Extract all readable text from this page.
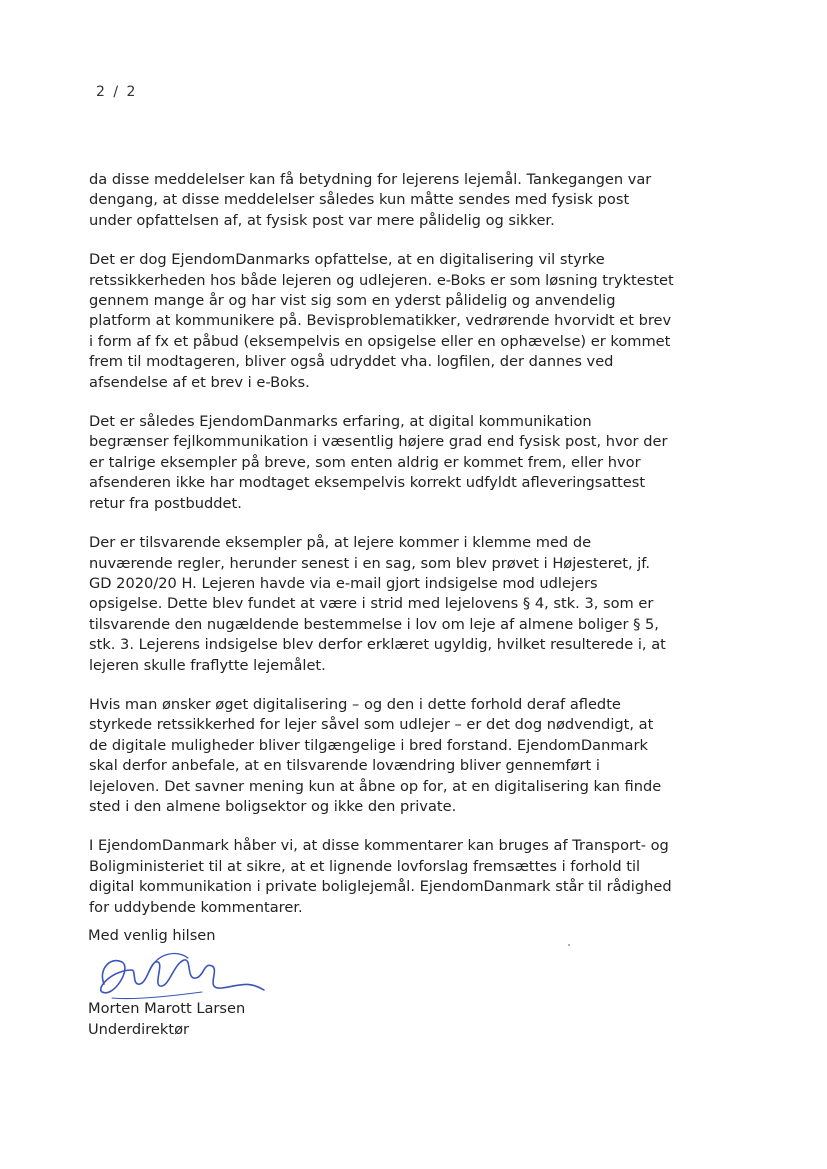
2 / 2

da disse meddelelser kan få betydning for lejerens lejemål. Tankegangen var dengang, at disse meddelelser således kun måtte sendes med fysisk post under opfattelsen af, at fysisk post var mere pålidelig og sikker.

Det er dog EjendomDanmarks opfattelse, at en digitalisering vil styrke retssikkerheden hos både lejeren og udlejeren. e-Boks er som løsning tryktestet gennem mange år og har vist sig som en yderst pålidelig og anvendelig platform at kommunikere på. Bevisproblematikker, vedrørende hvorvidt et brev i form af fx et påbud (eksempelvis en opsigelse eller en ophævelse) er kommet frem til modtageren, bliver også udryddet vha. logfilen, der dannes ved afsendelse af et brev i e-Boks.

Det er således EjendomDanmarks erfaring, at digital kommunikation begrænser fejlkommunikation i væsentlig højere grad end fysisk post, hvor der er talrige eksempler på breve, som enten aldrig er kommet frem, eller hvor afsenderen ikke har modtaget eksempelvis korrekt udfyldt afleveringsattest retur fra postbuddet.

Der er tilsvarende eksempler på, at lejere kommer i klemme med de nuværende regler, herunder senest i en sag, som blev prøvet i Højesteret, jf. GD 2020/20 H. Lejeren havde via e-mail gjort indsigelse mod udlejers opsigelse. Dette blev fundet at være i strid med lejelovens § 4, stk. 3, som er tilsvarende den nugældende bestemmelse i lov om leje af almene boliger § 5, stk. 3. Lejerens indsigelse blev derfor erklæret ugyldig, hvilket resulterede i, at lejeren skulle fraflytte lejemålet.

Hvis man ønsker øget digitalisering – og den i dette forhold deraf afledte styrkede retssikkerhed for lejer såvel som udlejer – er det dog nødvendigt, at de digitale muligheder bliver tilgængelige i bred forstand. EjendomDanmark skal derfor anbefale, at en tilsvarende lovændring bliver gennemført i lejeloven. Det savner mening kun at åbne op for, at en digitalisering kan finde sted i den almene boligsektor og ikke den private.

I EjendomDanmark håber vi, at disse kommentarer kan bruges af Transport- og Boligministeriet til at sikre, at et lignende lovforslag fremsættes i forhold til digital kommunikation i private boliglejemål. EjendomDanmark står til rådighed for uddybende kommentarer.

Med venlig hilsen
Morten Marott Larsen
Underdirektør
